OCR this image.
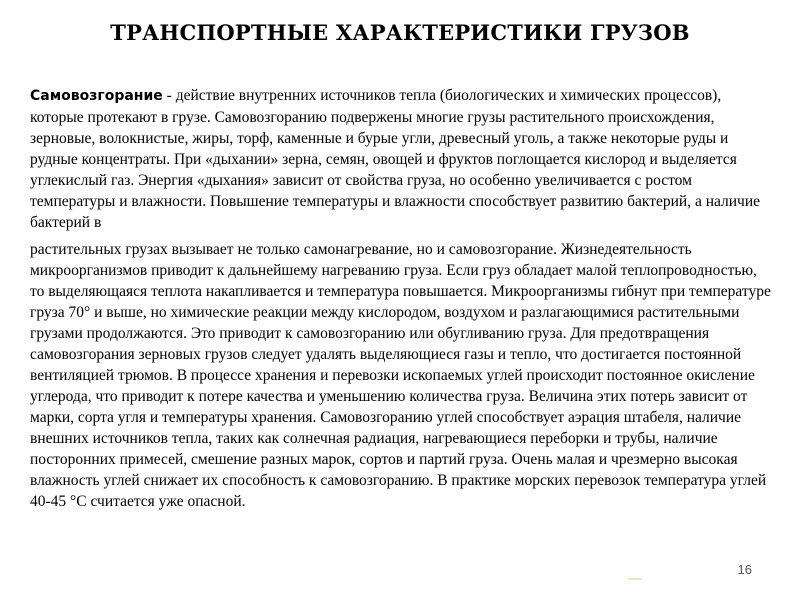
ТРАНСПОРТНЫЕ ХАРАКТЕРИСТИКИ ГРУЗОВ

Самовозгорание - действие внутренних источников тепла (биологических и химических процессов), которые протекают в грузе. Самовозгоранию подвержены многие грузы растительного происхождения, зерновые, волокнистые, жиры, торф, каменные и бурые угли, древесный уголь, а также некоторые руды и рудные концентраты. При «дыхании» зерна, семян, овощей и фруктов поглощается кислород и выделяется углекислый газ. Энергия «дыхания» зависит от свойства груза, но особенно увеличивается с ростом температуры и влажности. Повышение температуры и влажности способствует развитию бактерий, а наличие бактерий в

растительных грузах вызывает не только самонагревание, но и самовозгорание. Жизнедеятельность микроорганизмов приводит к дальнейшему нагреванию груза. Если груз обладает малой теплопроводностью, то выделяющаяся теплота накапливается и температура повышается. Микроорганизмы гибнут при температуре груза 70° и выше, но химические реакции между кислородом, воздухом и разлагающимися растительными грузами продолжаются. Это приводит к самовозгоранию или обугливанию груза. Для предотвращения самовозгорания зерновых грузов следует удалять выделяющиеся газы и тепло, что достигается постоянной вентиляцией трюмов. В процессе хранения и перевозки ископаемых углей происходит постоянное окисление углерода, что приводит к потере качества и уменьшению количества груза. Величина этих потерь зависит от марки, сорта угля и температуры хранения. Самовозгоранию углей способствует аэрация штабеля, наличие внешних источников тепла, таких как солнечная радиация, нагревающиеся переборки и трубы, наличие посторонних примесей, смешение разных марок, сортов и партий груза. Очень малая и чрезмерно высокая влажность углей снижает их способность к самовозгоранию. В практике морских перевозок температура углей 40-45 °С считается уже опасной.

16
